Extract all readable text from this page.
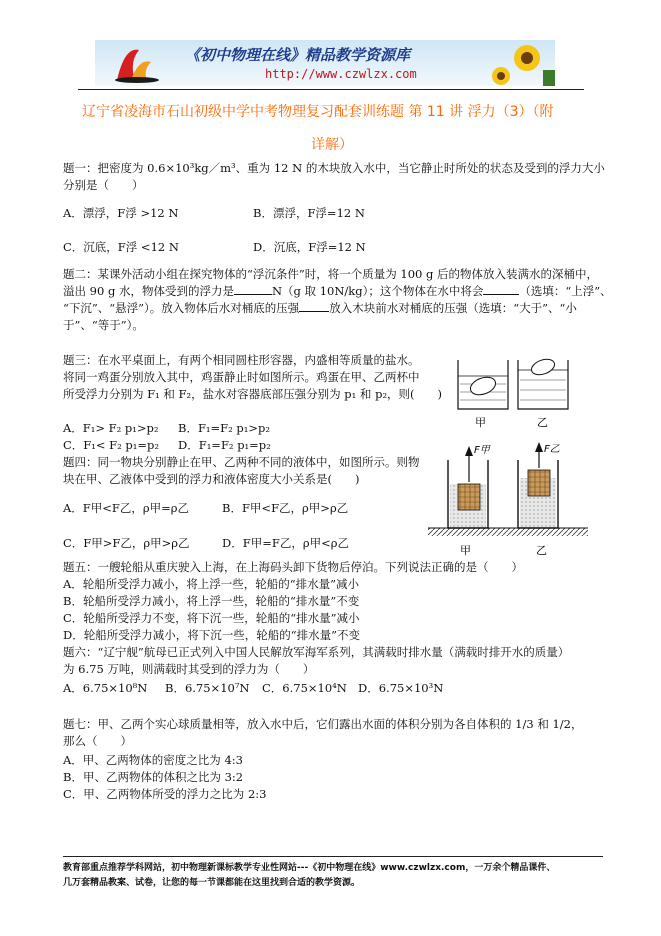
《初中物理在线》精品教学资源库
http://www.czwlzx.com
辽宁省凌海市石山初级中学中考物理复习配套训练题 第 11 讲 浮力（3）（附
详解）
题一：把密度为 0.6×10³kg／m³、重为 12 N 的木块放入水中，当它静止时所处的状态及受到的浮力大小
分别是（　　）
A．漂浮，F浮 >12 N	B．漂浮，F浮=12 N
C．沉底，F浮 <12 N	D．沉底，F浮=12 N
题二：某课外活动小组在探究物体的“浮沉条件”时，将一个质量为 100 g 后的物体放入装满水的深桶中，
溢出 90 g 水，物体受到的浮力是	N（g 取 10N/kg）；这个物体在水中将会	（选填：“上浮”、
“下沉”、“悬浮”）。放入物体后水对桶底的压强	放入木块前水对桶底的压强（选填：“大于”、“小
于”、“等于”）。
题三：在水平桌面上，有两个相同圆柱形容器，内盛相等质量的盐水。
将同一鸡蛋分别放入其中，鸡蛋静止时如图所示。鸡蛋在甲、乙两杯中
所受浮力分别为 F₁ 和 F₂，盐水对容器底部压强分别为 p₁ 和 p₂，则(　　)
A．F₁> F₂ p₁>p₂ B．F₁=F₂ p₁>p₂
C．F₁< F₂ p₁=p₂ D．F₁=F₂ p₁=p₂
甲	乙
题四：同一物块分别静止在甲、乙两种不同的液体中，如图所示。则物
块在甲、乙液体中受到的浮力和液体密度大小关系是(　　)
A．F甲<F乙，ρ甲=ρ乙	B．F甲<F乙，ρ甲>ρ乙
C．F甲>F乙，ρ甲>ρ乙	D．F甲=F乙，ρ甲<ρ乙
F甲
甲
F乙
乙
题五：一艘轮船从重庆驶入上海，在上海码头卸下货物后停泊。下列说法正确的是（　　）
A．轮船所受浮力减小，将上浮一些，轮船的“排水量”减小
B．轮船所受浮力减小，将上浮一些，轮船的“排水量”不变
C．轮船所受浮力不变，将下沉一些，轮船的“排水量”减小
D．轮船所受浮力减小，将下沉一些，轮船的“排水量”不变
题六：“辽宁舰”航母已正式列入中国人民解放军海军系列，其满载时排水量（满载时排开水的质量）
为 6.75 万吨，则满载时其受到的浮力为（　　）
A．6.75×10⁸N B．6.75×10⁷N C．6.75×10⁴N D．6.75×10³N
题七：甲、乙两个实心球质量相等，放入水中后，它们露出水面的体积分别为各自体积的 1/3 和 1/2，
那么（　　）
A．甲、乙两物体的密度之比为 4:3
B．甲、乙两物体的体积之比为 3:2
C．甲、乙两物体所受的浮力之比为 2:3
教育部重点推荐学科网站，初中物理新课标教学专业性网站---《初中物理在线》www.czwlzx.com，一万余个精品课件、
几万套精品教案、试卷，让您的每一节课都能在这里找到合适的教学资源。
